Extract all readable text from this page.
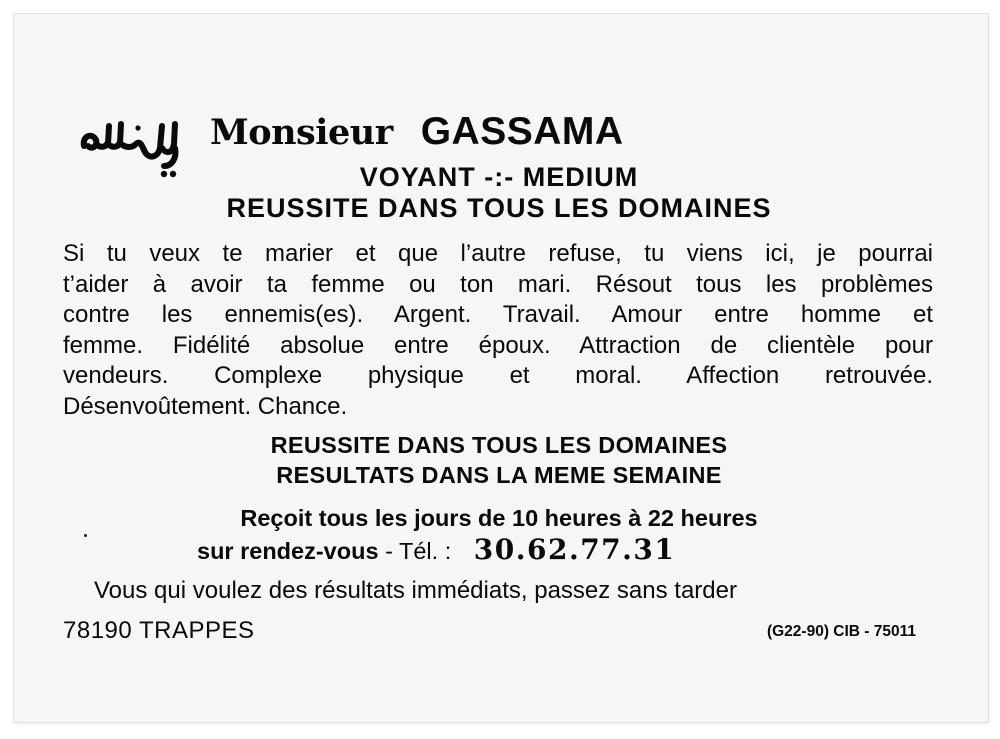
Monsieur GASSAMA
VOYANT -:- MEDIUM
REUSSITE DANS TOUS LES DOMAINES
Si tu veux te marier et que l’autre refuse, tu viens ici, je pourrai
t’aider à avoir ta femme ou ton mari. Résout tous les problèmes
contre les ennemis(es). Argent. Travail. Amour entre homme et
femme. Fidélité absolue entre époux. Attraction de clientèle pour
vendeurs. Complexe physique et moral. Affection retrouvée.
Désenvoûtement. Chance.
REUSSITE DANS TOUS LES DOMAINES
RESULTATS DANS LA MEME SEMAINE
Reçoit tous les jours de 10 heures à 22 heures
sur rendez-vous - Tél. : 30.62.77.31
Vous qui voulez des résultats immédiats, passez sans tarder
78190 TRAPPES	(G22-90) CIB - 75011
